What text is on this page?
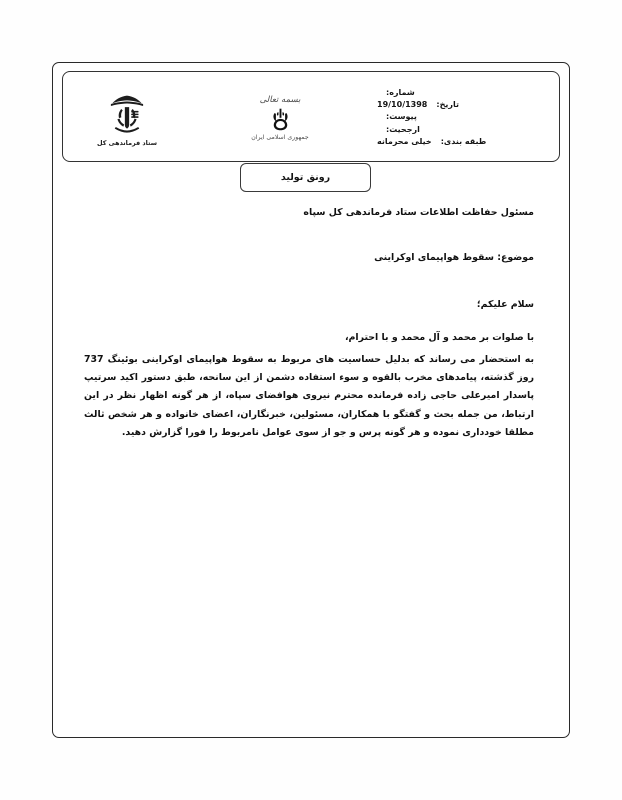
ستاد فرماندهی کل
بسمه تعالی
جمهوری اسلامی ایران
شماره:
تاریخ:
19/10/1398
پیوست:
ارجحیت:
طبقه بندی:
خیلی محرمانه
رونق تولید

مسئول حفاظت اطلاعات ستاد فرماندهی کل سپاه

موضوع: سقوط هواپیمای اوکراینی

سلام علیکم؛

با صلوات بر محمد و آل محمد و با احترام،

به استحضار می رساند که بدلیل حساسیت های مربوط به سقوط هواپیمای اوکراینی بوئینگ 737 روز گذشته، پیامدهای مخرب بالقوه و سوء استفاده دشمن از این سانحه، طبق دستور اکید سرتیپ پاسدار امیرعلی حاجی زاده فرمانده محترم نیروی هوافضای سپاه، از هر گونه اظهار نظر در این ارتباط، من جمله بحث و گفتگو با همکاران، مسئولین، خبرنگاران، اعضای خانواده و هر شخص ثالث مطلقا خودداری نموده و هر گونه پرس و جو از سوی عوامل نامربوط را فورا گزارش دهید.
